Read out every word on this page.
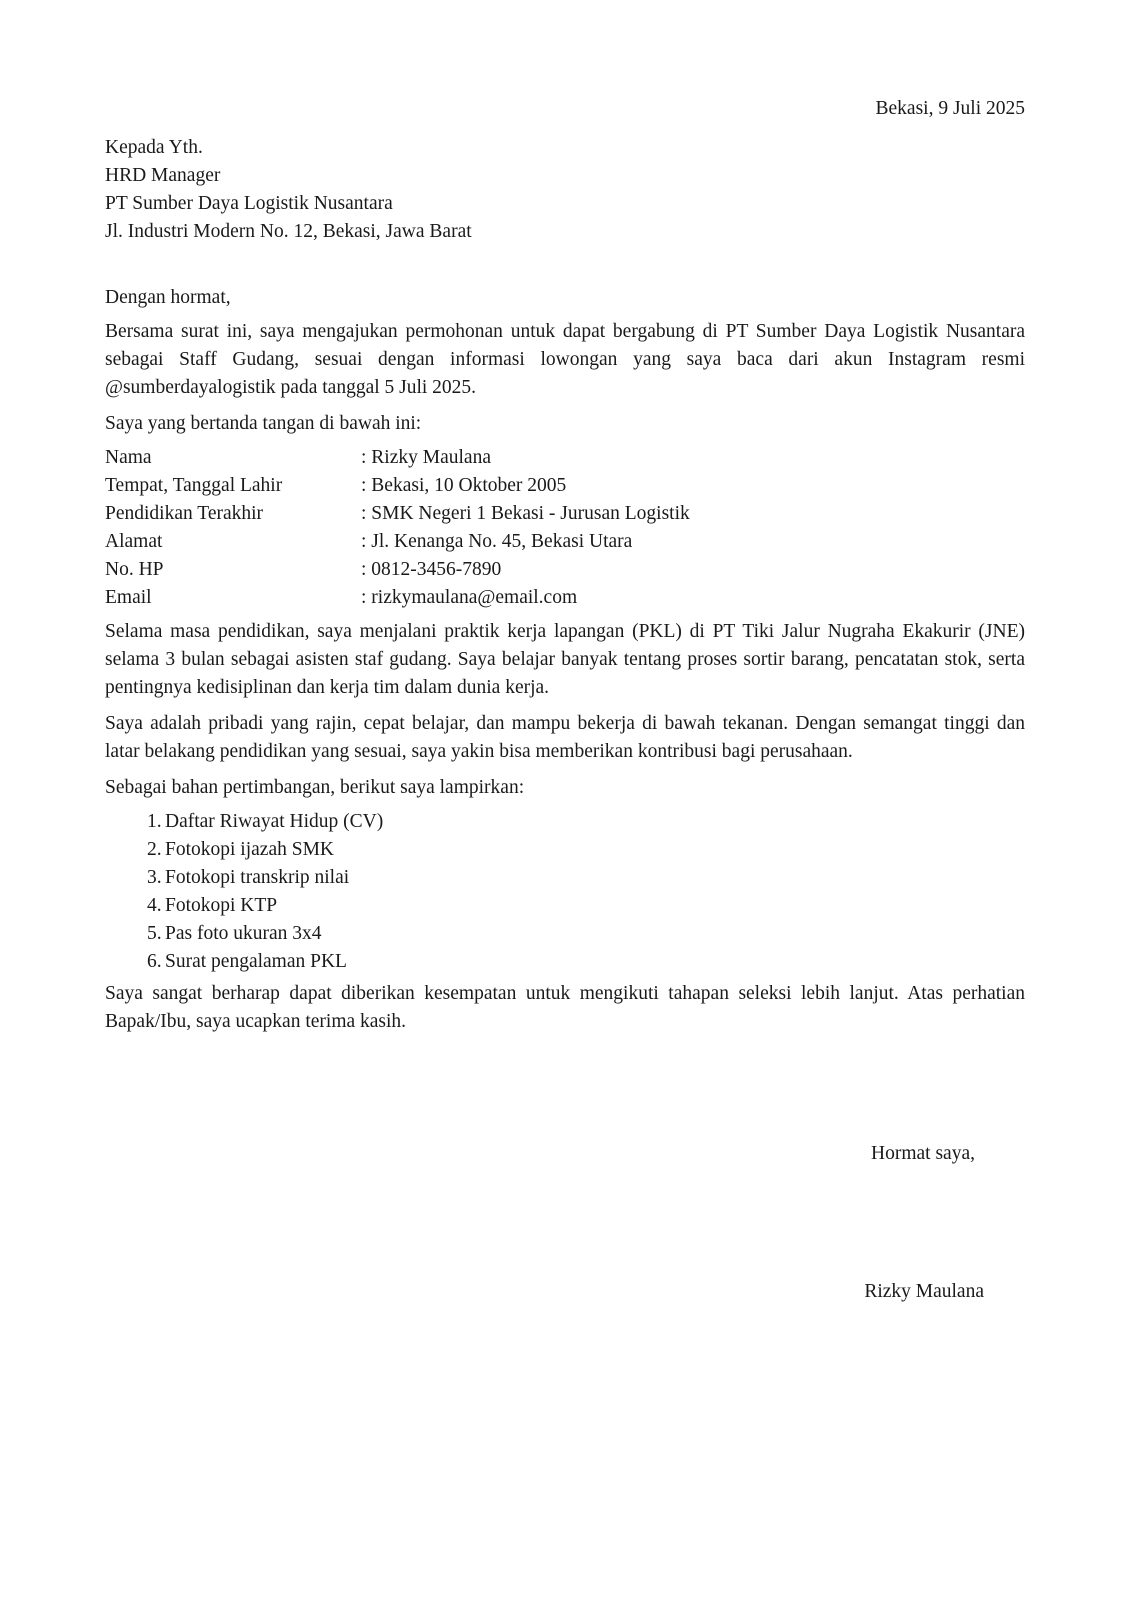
Bekasi, 9 Juli 2025
Kepada Yth.
HRD Manager
PT Sumber Daya Logistik Nusantara
Jl. Industri Modern No. 12, Bekasi, Jawa Barat
Dengan hormat,

Bersama surat ini, saya mengajukan permohonan untuk dapat bergabung di PT Sumber Daya Logistik Nusantara sebagai Staff Gudang, sesuai dengan informasi lowongan yang saya baca dari akun Instagram resmi @sumberdayalogistik pada tanggal 5 Juli 2025.

Saya yang bertanda tangan di bawah ini:

Nama	: Rizky Maulana
Tempat, Tanggal Lahir	: Bekasi, 10 Oktober 2005
Pendidikan Terakhir	: SMK Negeri 1 Bekasi - Jurusan Logistik
Alamat	: Jl. Kenanga No. 45, Bekasi Utara
No. HP	: 0812-3456-7890
Email	: rizkymaulana@email.com

Selama masa pendidikan, saya menjalani praktik kerja lapangan (PKL) di PT Tiki Jalur Nugraha Ekakurir (JNE) selama 3 bulan sebagai asisten staf gudang. Saya belajar banyak tentang proses sortir barang, pencatatan stok, serta pentingnya kedisiplinan dan kerja tim dalam dunia kerja.

Saya adalah pribadi yang rajin, cepat belajar, dan mampu bekerja di bawah tekanan. Dengan semangat tinggi dan latar belakang pendidikan yang sesuai, saya yakin bisa memberikan kontribusi bagi perusahaan.

Sebagai bahan pertimbangan, berikut saya lampirkan:

1. Daftar Riwayat Hidup (CV)
2. Fotokopi ijazah SMK
3. Fotokopi transkrip nilai
4. Fotokopi KTP
5. Pas foto ukuran 3x4
6. Surat pengalaman PKL

Saya sangat berharap dapat diberikan kesempatan untuk mengikuti tahapan seleksi lebih lanjut. Atas perhatian Bapak/Ibu, saya ucapkan terima kasih.

Hormat saya,
Rizky Maulana
